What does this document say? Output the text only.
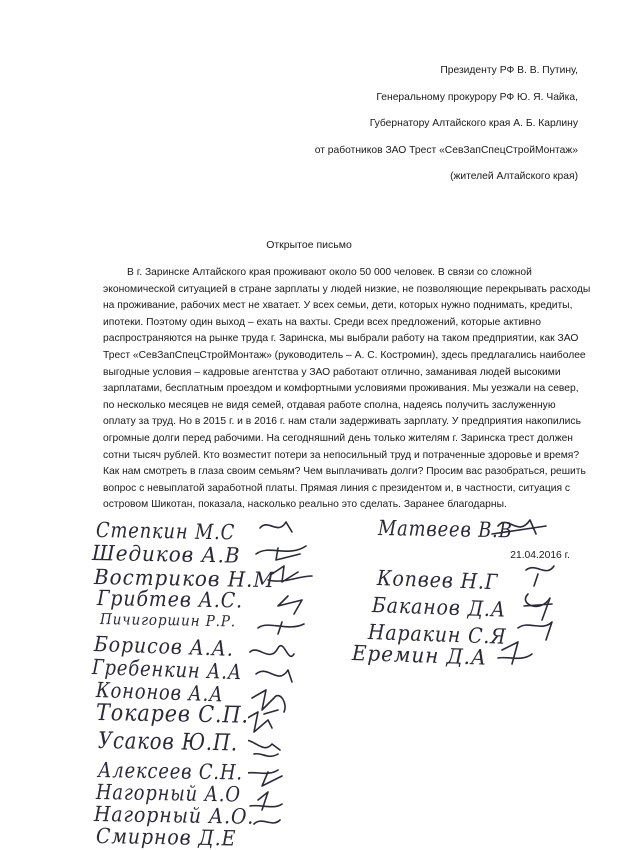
Президенту РФ В. В. Путину,
Генеральному прокурору РФ Ю. Я. Чайка,
Губернатору Алтайского края А. Б. Карлину
от работников ЗАО Трест «СевЗапСпецСтройМонтаж»
(жителей Алтайского края)
Открытое письмо

В г. Заринске Алтайского края проживают около 50 000 человек. В связи со сложной экономической ситуацией в стране зарплаты у людей низкие, не позволяющие перекрывать расходы на проживание, рабочих мест не хватает. У всех семьи, дети, которых нужно поднимать, кредиты, ипотеки. Поэтому один выход – ехать на вахты. Среди всех предложений, которые активно распространяются на рынке труда г. Заринска, мы выбрали работу на таком предприятии, как ЗАО Трест «СевЗапСпецСтройМонтаж» (руководитель – А. С. Костромин), здесь предлагались наиболее выгодные условия – кадровые агентства у ЗАО работают отлично, заманивая людей высокими зарплатами, бесплатным проездом и комфортными условиями проживания. Мы уезжали на север, по несколько месяцев не видя семей, отдавая работе сполна, надеясь получить заслуженную оплату за труд. Но в 2015 г. и в 2016 г. нам стали задерживать зарплату. У предприятия накопились огромные долги перед рабочими. На сегодняшний день только жителям г. Заринска трест должен сотни тысяч рублей. Кто возместит потери за непосильный труд и потраченные здоровье и время? Как нам смотреть в глаза своим семьям? Чем выплачивать долги? Просим вас разобраться, решить вопрос с невыплатой заработной платы. Прямая линия с президентом и, в частности, ситуация с островом Шикотан, показала, насколько реально это сделать. Заранее благодарны.

21.04.2016 г.
Степкин М.С
Шедиков А.В
Востриков Н.М
Грибтев А.С.
Пичигоршин Р.Р.
Борисов А.А.
Гребенкин А.А
Кононов А.А
Токарев С.П.
Усаков Ю.П.
Алексеев С.Н.
Нагорный А.О
Нагорный А.О.
Смирнов Д.Е
Матвеев В.В
Копвев Н.Г
Баканов Д.А
Наракин С.Я
Еремин Д.А
